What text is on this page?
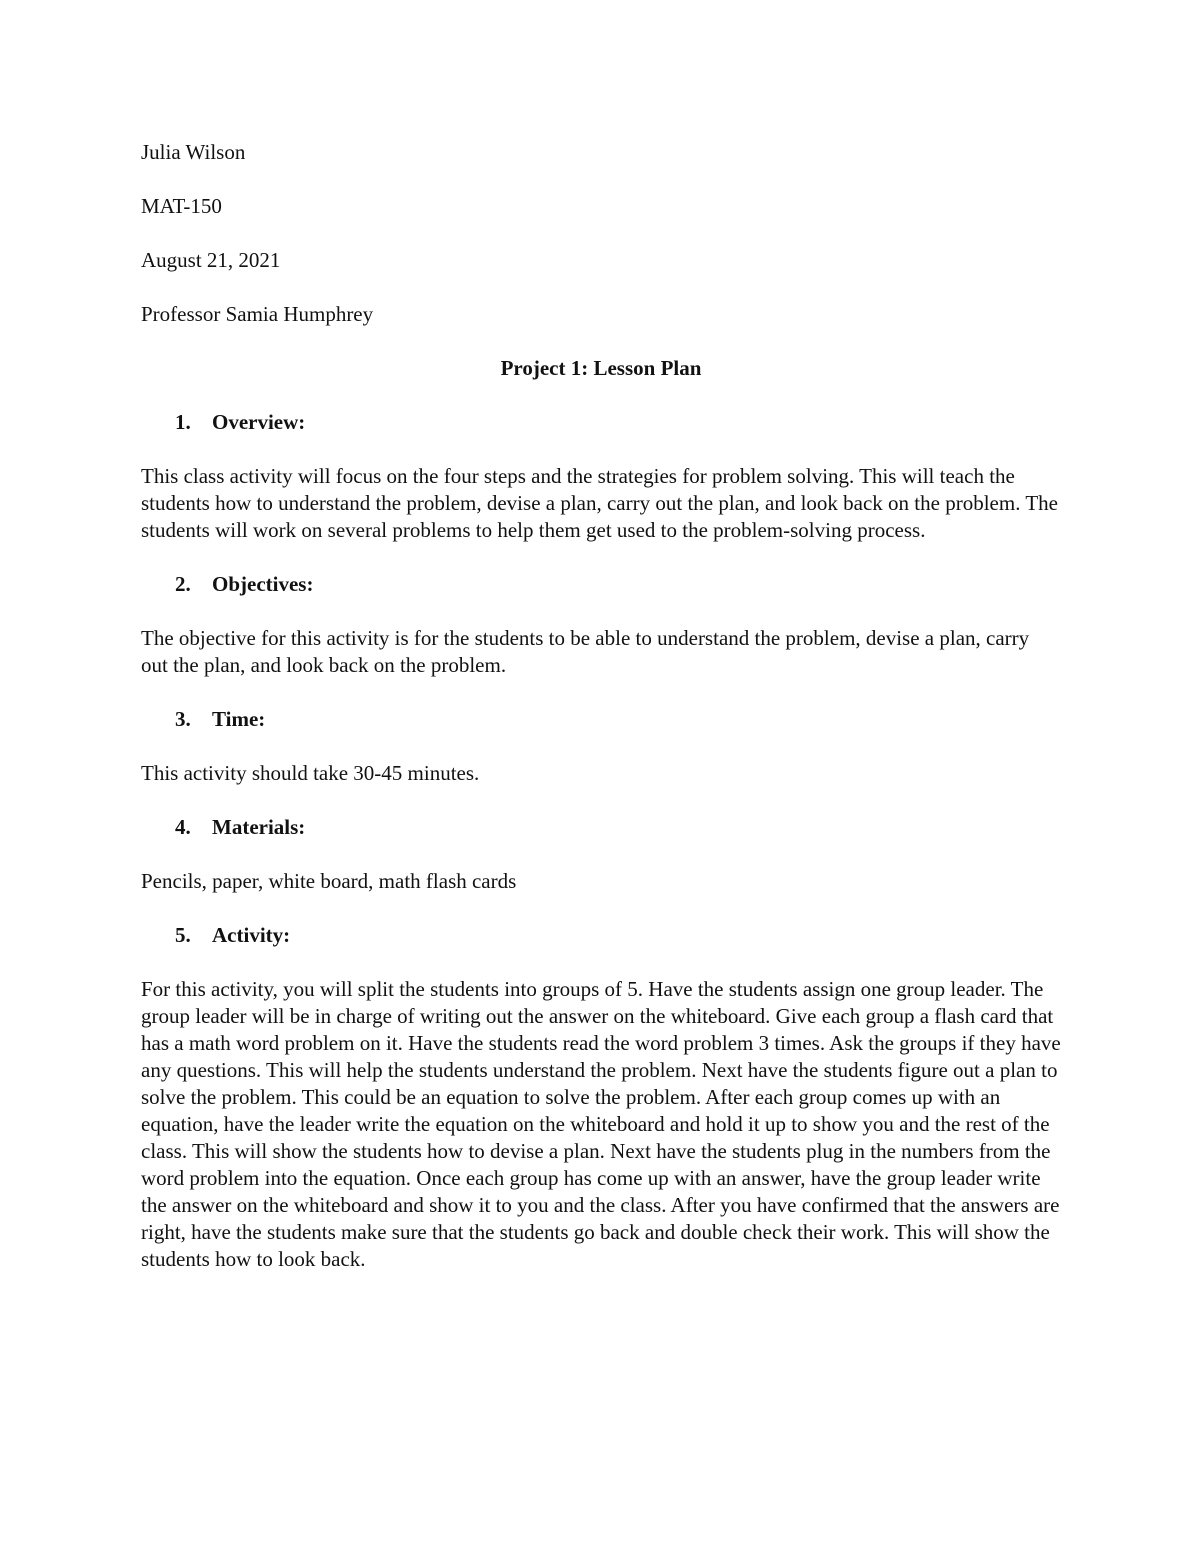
Julia Wilson

MAT-150

August 21, 2021

Professor Samia Humphrey

Project 1: Lesson Plan
1.	Overview:

This class activity will focus on the four steps and the strategies for problem solving. This will teach the students how to understand the problem, devise a plan, carry out the plan, and look back on the problem. The students will work on several problems to help them get used to the problem-solving process.

2.	Objectives:

The objective for this activity is for the students to be able to understand the problem, devise a plan, carry out the plan, and look back on the problem.

3.	Time:

This activity should take 30-45 minutes.

4.	Materials:

Pencils, paper, white board, math flash cards

5.	Activity:

For this activity, you will split the students into groups of 5. Have the students assign one group leader. The group leader will be in charge of writing out the answer on the whiteboard. Give each group a flash card that has a math word problem on it. Have the students read the word problem 3 times. Ask the groups if they have any questions. This will help the students understand the problem. Next have the students figure out a plan to solve the problem. This could be an equation to solve the problem. After each group comes up with an equation, have the leader write the equation on the whiteboard and hold it up to show you and the rest of the class. This will show the students how to devise a plan. Next have the students plug in the numbers from the word problem into the equation. Once each group has come up with an answer, have the group leader write the answer on the whiteboard and show it to you and the class. After you have confirmed that the answers are right, have the students make sure that the students go back and double check their work. This will show the students how to look back.
